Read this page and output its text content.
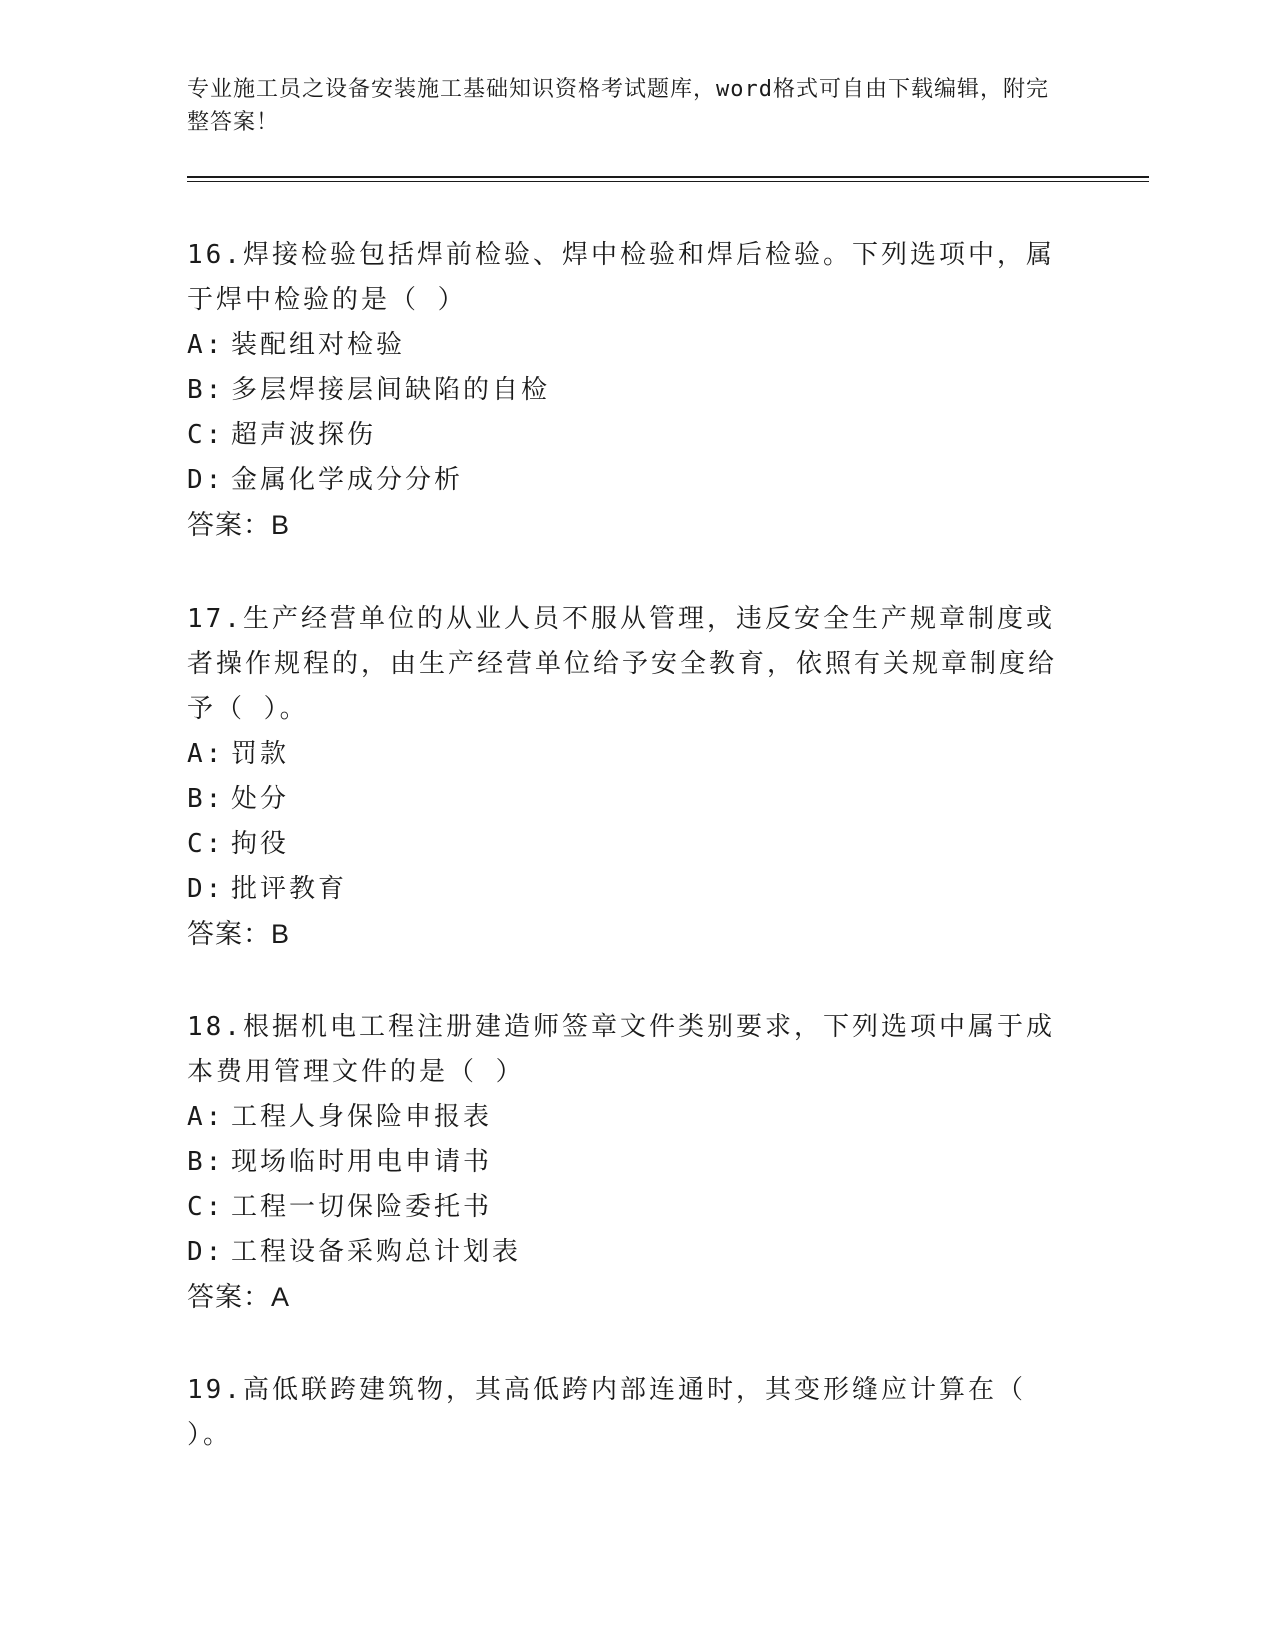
专业施工员之设备安装施工基础知识资格考试题库，word格式可自由下载编辑，附完整答案！
16.焊接检验包括焊前检验、焊中检验和焊后检验。下列选项中，属于焊中检验的是（ ）
A: 装配组对检验
B: 多层焊接层间缺陷的自检
C: 超声波探伤
D: 金属化学成分分析
答案：B
17.生产经营单位的从业人员不服从管理，违反安全生产规章制度或者操作规程的，由生产经营单位给予安全教育，依照有关规章制度给予（ ）。
A: 罚款
B: 处分
C: 拘役
D: 批评教育
答案：B
18.根据机电工程注册建造师签章文件类别要求，下列选项中属于成本费用管理文件的是（ ）
A: 工程人身保险申报表
B: 现场临时用电申请书
C: 工程一切保险委托书
D: 工程设备采购总计划表
答案：A
19.高低联跨建筑物，其高低跨内部连通时，其变形缝应计算在（ ）。
